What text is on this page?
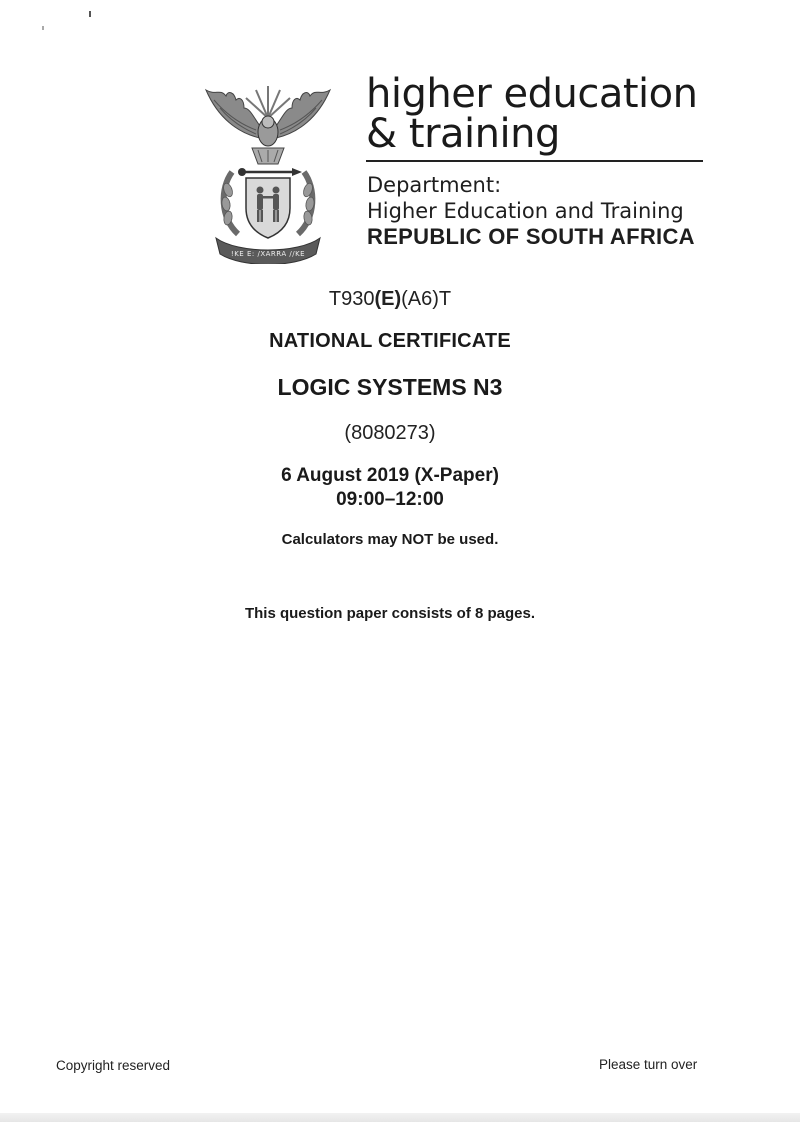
!KE E: /XARRA //KE
higher education
& training
Department:
Higher Education and Training
REPUBLIC OF SOUTH AFRICA
T930(E)(A6)T
NATIONAL CERTIFICATE
LOGIC SYSTEMS N3
(8080273)
6 August 2019 (X-Paper)
09:00–12:00
Calculators may NOT be used.
This question paper consists of 8 pages.
Copyright reserved	Please turn over
